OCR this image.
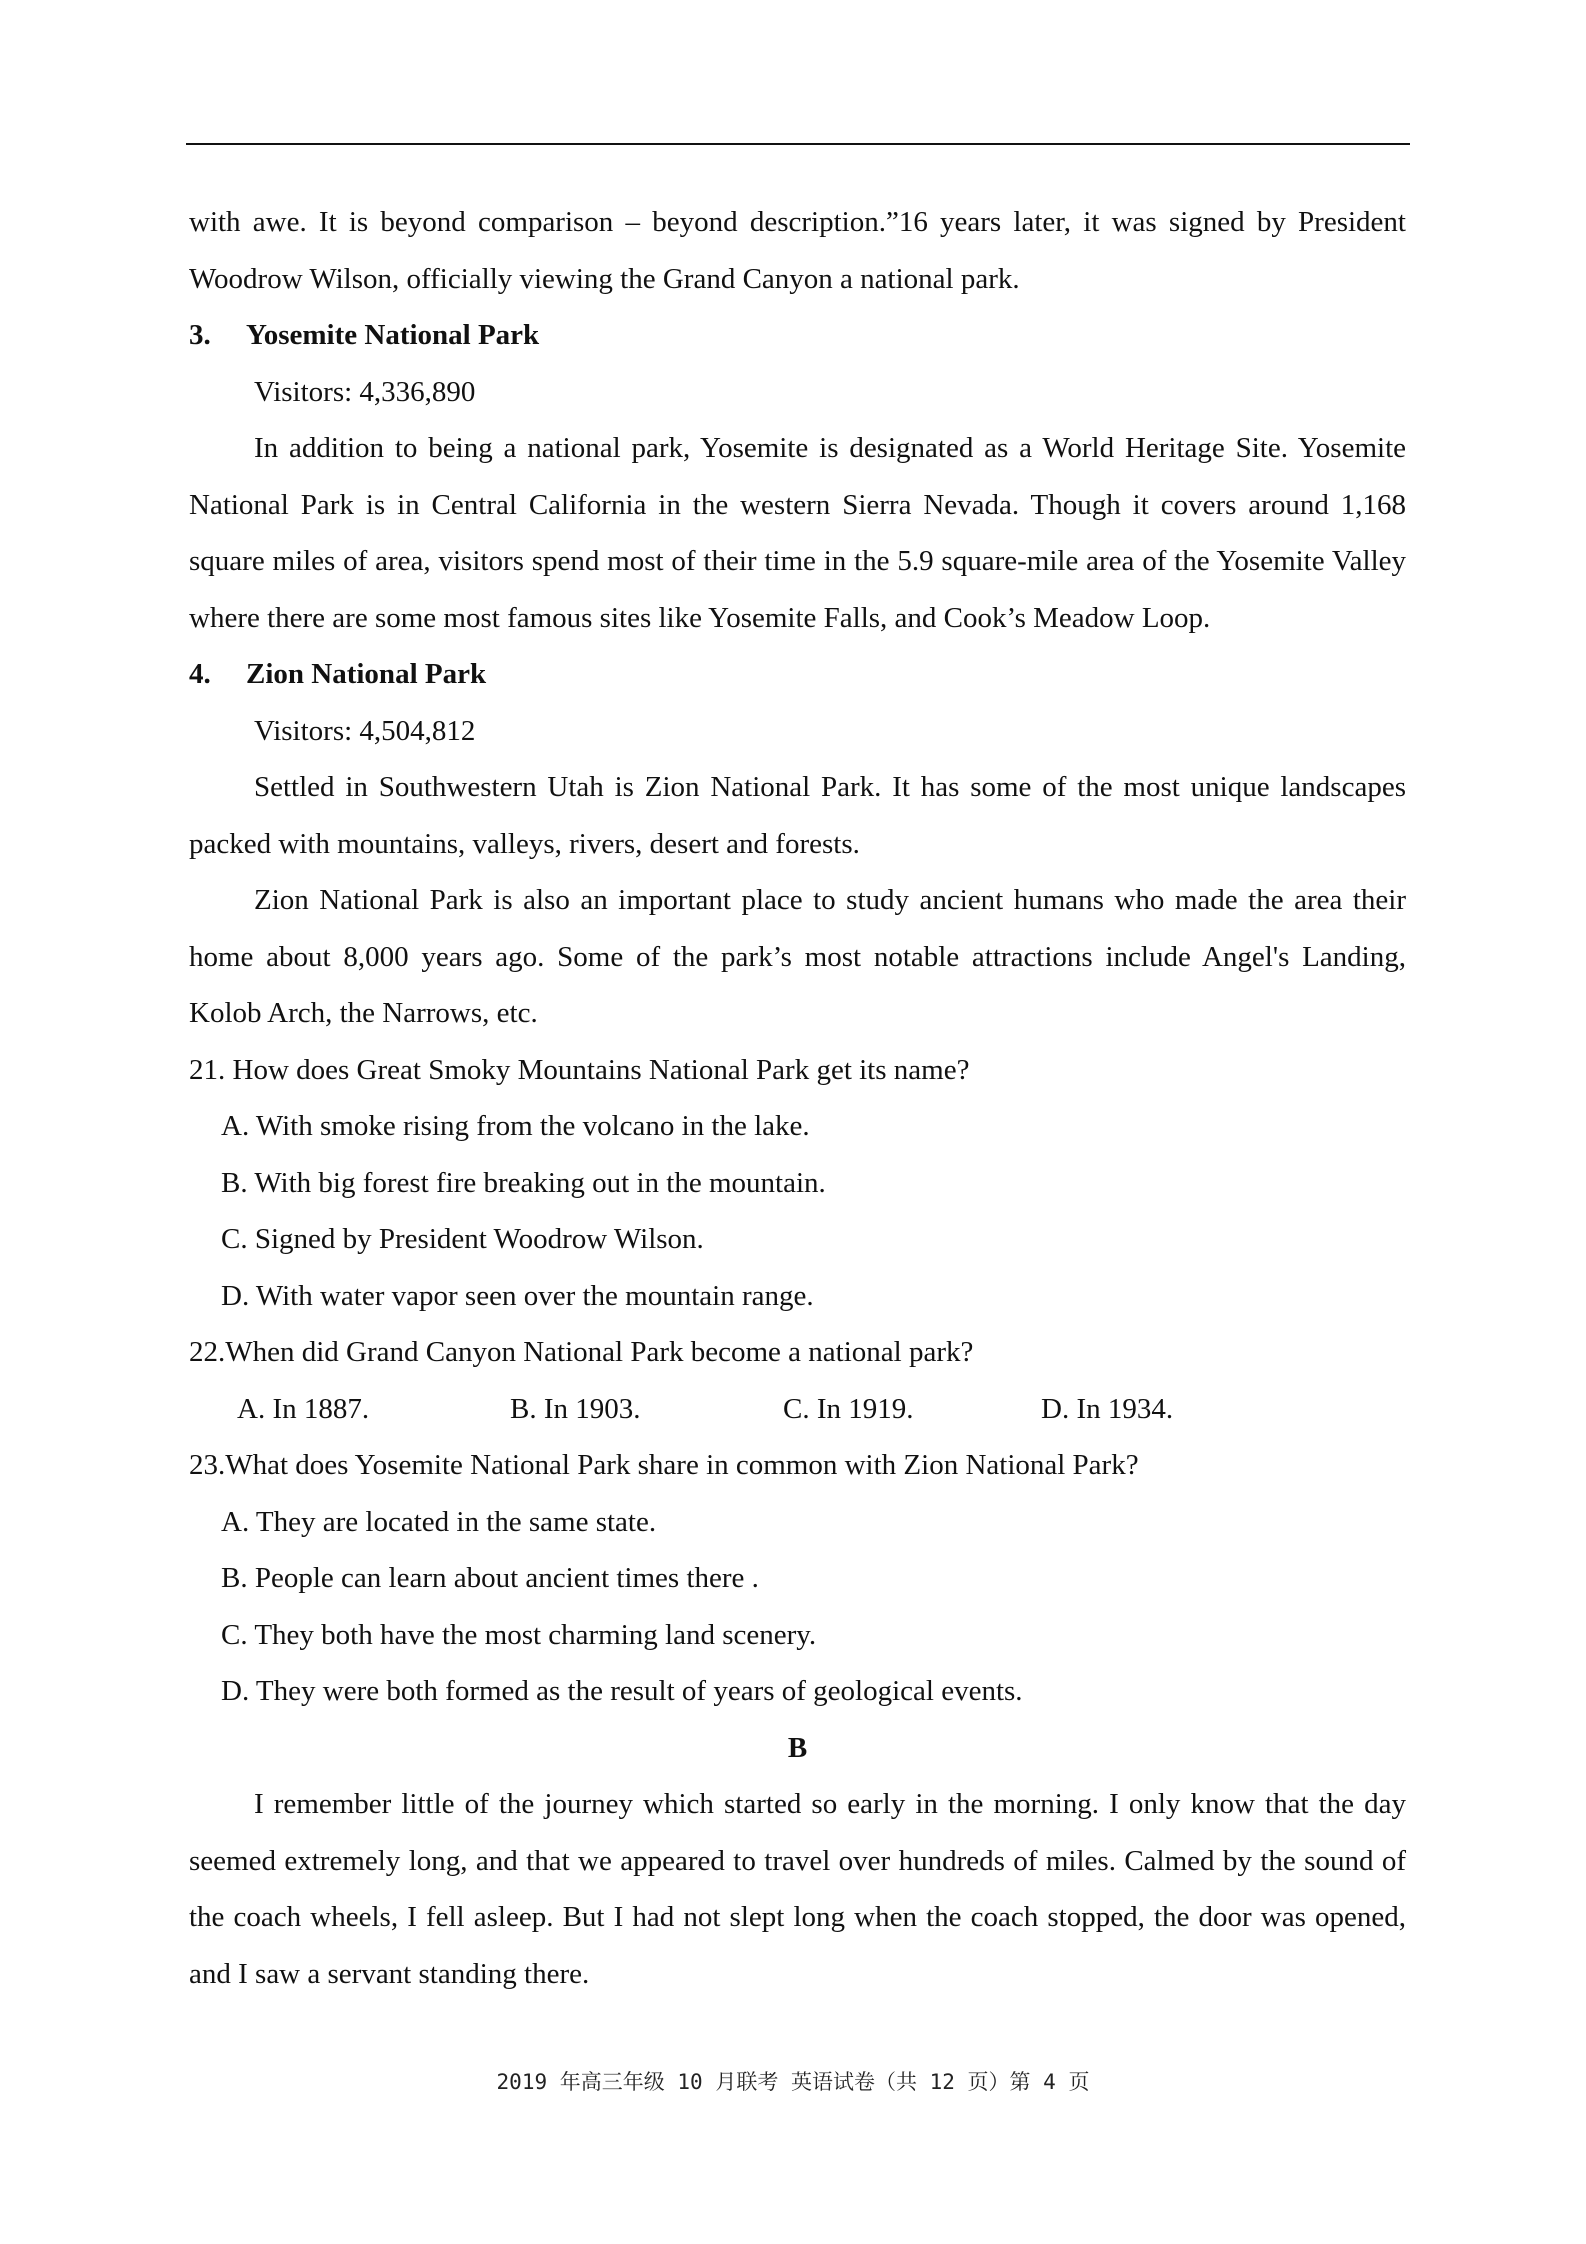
with awe. It is beyond comparison – beyond description.”16 years later, it was signed by President Woodrow Wilson, officially viewing the Grand Canyon a national park.
3.	Yosemite National Park
Visitors: 4,336,890
In addition to being a national park, Yosemite is designated as a World Heritage Site. Yosemite National Park is in Central California in the western Sierra Nevada. Though it covers around 1,168 square miles of area, visitors spend most of their time in the 5.9 square-mile area of the Yosemite Valley where there are some most famous sites like Yosemite Falls, and Cook’s Meadow Loop.
4.	Zion National Park
Visitors: 4,504,812
Settled in Southwestern Utah is Zion National Park. It has some of the most unique landscapes packed with mountains, valleys, rivers, desert and forests.
Zion National Park is also an important place to study ancient humans who made the area their home about 8,000 years ago. Some of the park’s most notable attractions include Angel's Landing, Kolob Arch, the Narrows, etc.
21. How does Great Smoky Mountains National Park get its name?
A. With smoke rising from the volcano in the lake.
B. With big forest fire breaking out in the mountain.
C. Signed by President Woodrow Wilson.
D. With water vapor seen over the mountain range.
22.When did Grand Canyon National Park become a national park?
A. In 1887.	B. In 1903.	C. In 1919.	D. In 1934.
23.What does Yosemite National Park share in common with Zion National Park?
A. They are located in the same state.
B. People can learn about ancient times there .
C. They both have the most charming land scenery.
D. They were both formed as the result of years of geological events.
B
I remember little of the journey which started so early in the morning. I only know that the day seemed extremely long, and that we appeared to travel over hundreds of miles. Calmed by the sound of the coach wheels, I fell asleep. But I had not slept long when the coach stopped, the door was opened, and I saw a servant standing there.
2019 年高三年级 10 月联考 英语试卷（共 12 页）第 4 页
